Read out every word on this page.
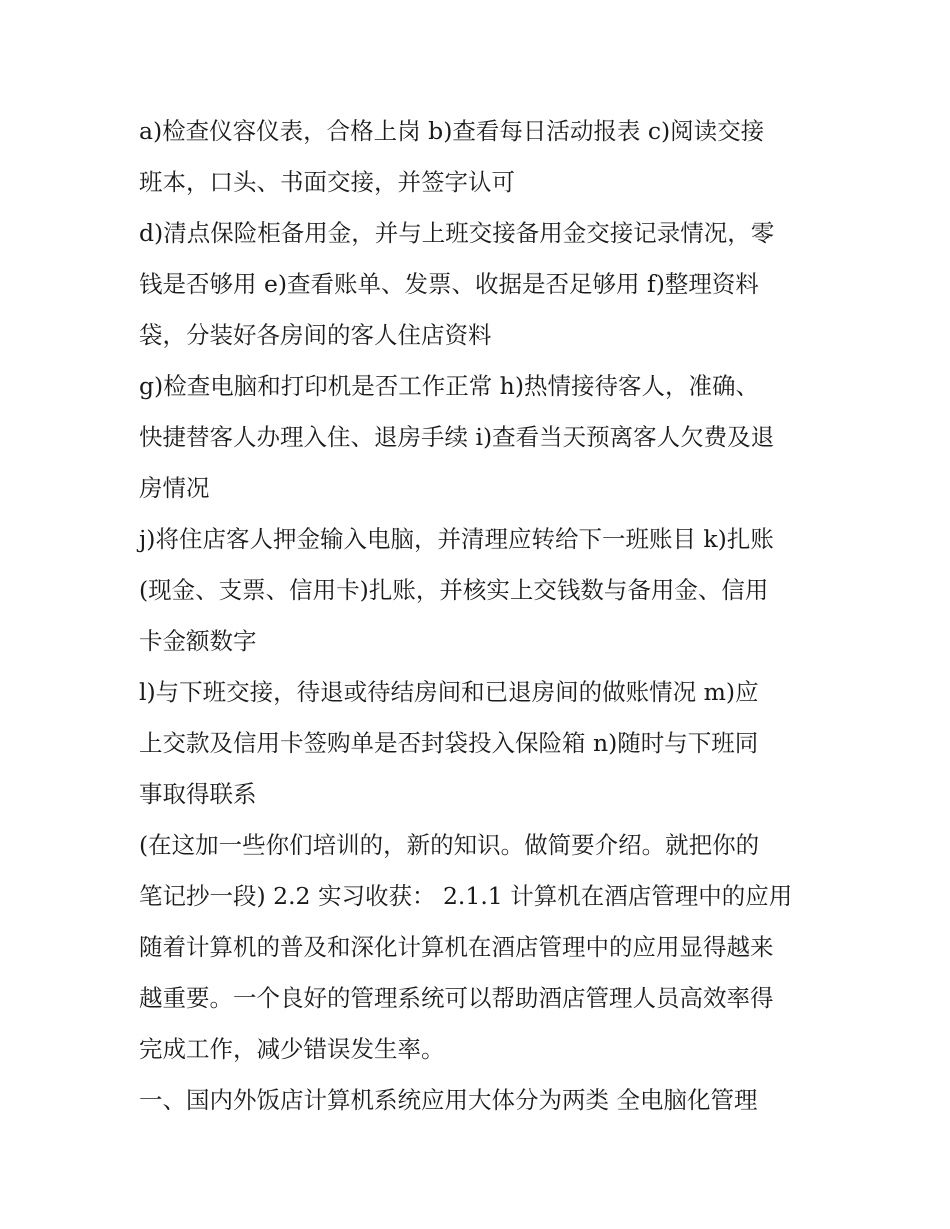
a)检查仪容仪表，合格上岗 b)查看每日活动报表 c)阅读交接
班本，口头、书面交接，并签字认可

d)清点保险柜备用金，并与上班交接备用金交接记录情况，零
钱是否够用 e)查看账单、发票、收据是否足够用 f)整理资料
袋，分装好各房间的客人住店资料

g)检查电脑和打印机是否工作正常 h)热情接待客人，准确、
快捷替客人办理入住、退房手续 i)查看当天预离客人欠费及退
房情况

j)将住店客人押金输入电脑，并清理应转给下一班账目 k)扎账
(现金、支票、信用卡)扎账，并核实上交钱数与备用金、信用
卡金额数字

l)与下班交接，待退或待结房间和已退房间的做账情况 m)应
上交款及信用卡签购单是否封袋投入保险箱 n)随时与下班同
事取得联系

(在这加一些你们培训的，新的知识。做简要介绍。就把你的
笔记抄一段) 2.2 实习收获： 2.1.1 计算机在酒店管理中的应用
随着计算机的普及和深化计算机在酒店管理中的应用显得越来
越重要。一个良好的管理系统可以帮助酒店管理人员高效率得
完成工作，减少错误发生率。

一、国内外饭店计算机系统应用大体分为两类 全电脑化管理
